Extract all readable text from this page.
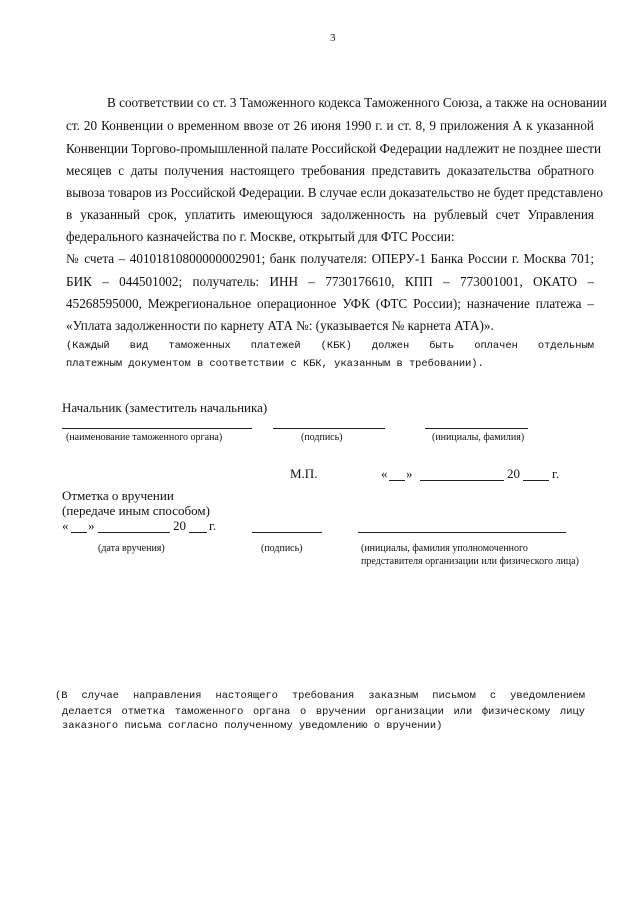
3
В соответствии со ст. 3 Таможенного кодекса Таможенного Союза, а также на основании
ст. 20 Конвенции о временном ввозе от 26 июня 1990 г. и ст. 8, 9 приложения А к указанной
Конвенции Торгово-промышленной палате Российской Федерации надлежит не позднее шести
месяцев с даты получения настоящего требования представить доказательства обратного
вывоза товаров из Российской Федерации. В случае если доказательство не будет представлено
в указанный срок, уплатить имеющуюся задолженность на рублевый счет Управления
федерального казначейства по г. Москве, открытый для ФТС России:
№ счета – 40101810800000002901; банк получателя: ОПЕРУ-1 Банка России г. Москва 701;
БИК – 044501002; получатель: ИНН – 7730176610, КПП – 773001001, ОКАТО –
45268595000, Межрегиональное операционное УФК (ФТС России); назначение платежа –
«Уплата задолженности по карнету АТА №: (указывается № карнета АТА)».
(Каждый вид таможенных платежей (КБК) должен быть оплачен отдельным
платежным документом в соответствии с КБК, указанным в требовании).
Начальник (заместитель начальника)
(наименование таможенного органа)	(подпись)	(инициалы, фамилия)
М.П.	« »	20 г.
Отметка о вручении
(передаче иным способом)
« »	20 г.
(дата вручения)	(подпись)	(инициалы, фамилия уполномоченного
представителя организации или физического лица)
(В случае направления настоящего требования заказным письмом с уведомлением
делается отметка таможенного органа о вручении организации или физическому лицу
заказного письма согласно полученному уведомлению о вручении)
